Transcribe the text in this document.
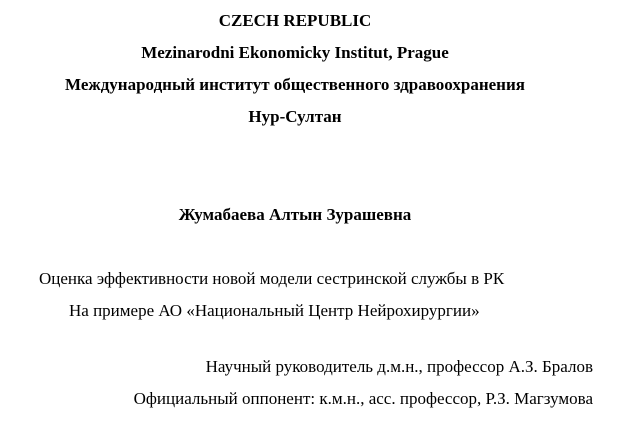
CZECH REPUBLIC
Mezinarodni Ekonomicky Institut, Prague
Международный институт общественного здравоохранения
Нур-Султан
Жумабаева Алтын Зурашевна
Оценка эффективности новой модели сестринской службы в РК
На примере АО «Национальный Центр Нейрохирургии»
Научный руководитель д.м.н., профессор А.З. Бралов
Официальный оппонент: к.м.н., асс. профессор, Р.З. Магзумова
